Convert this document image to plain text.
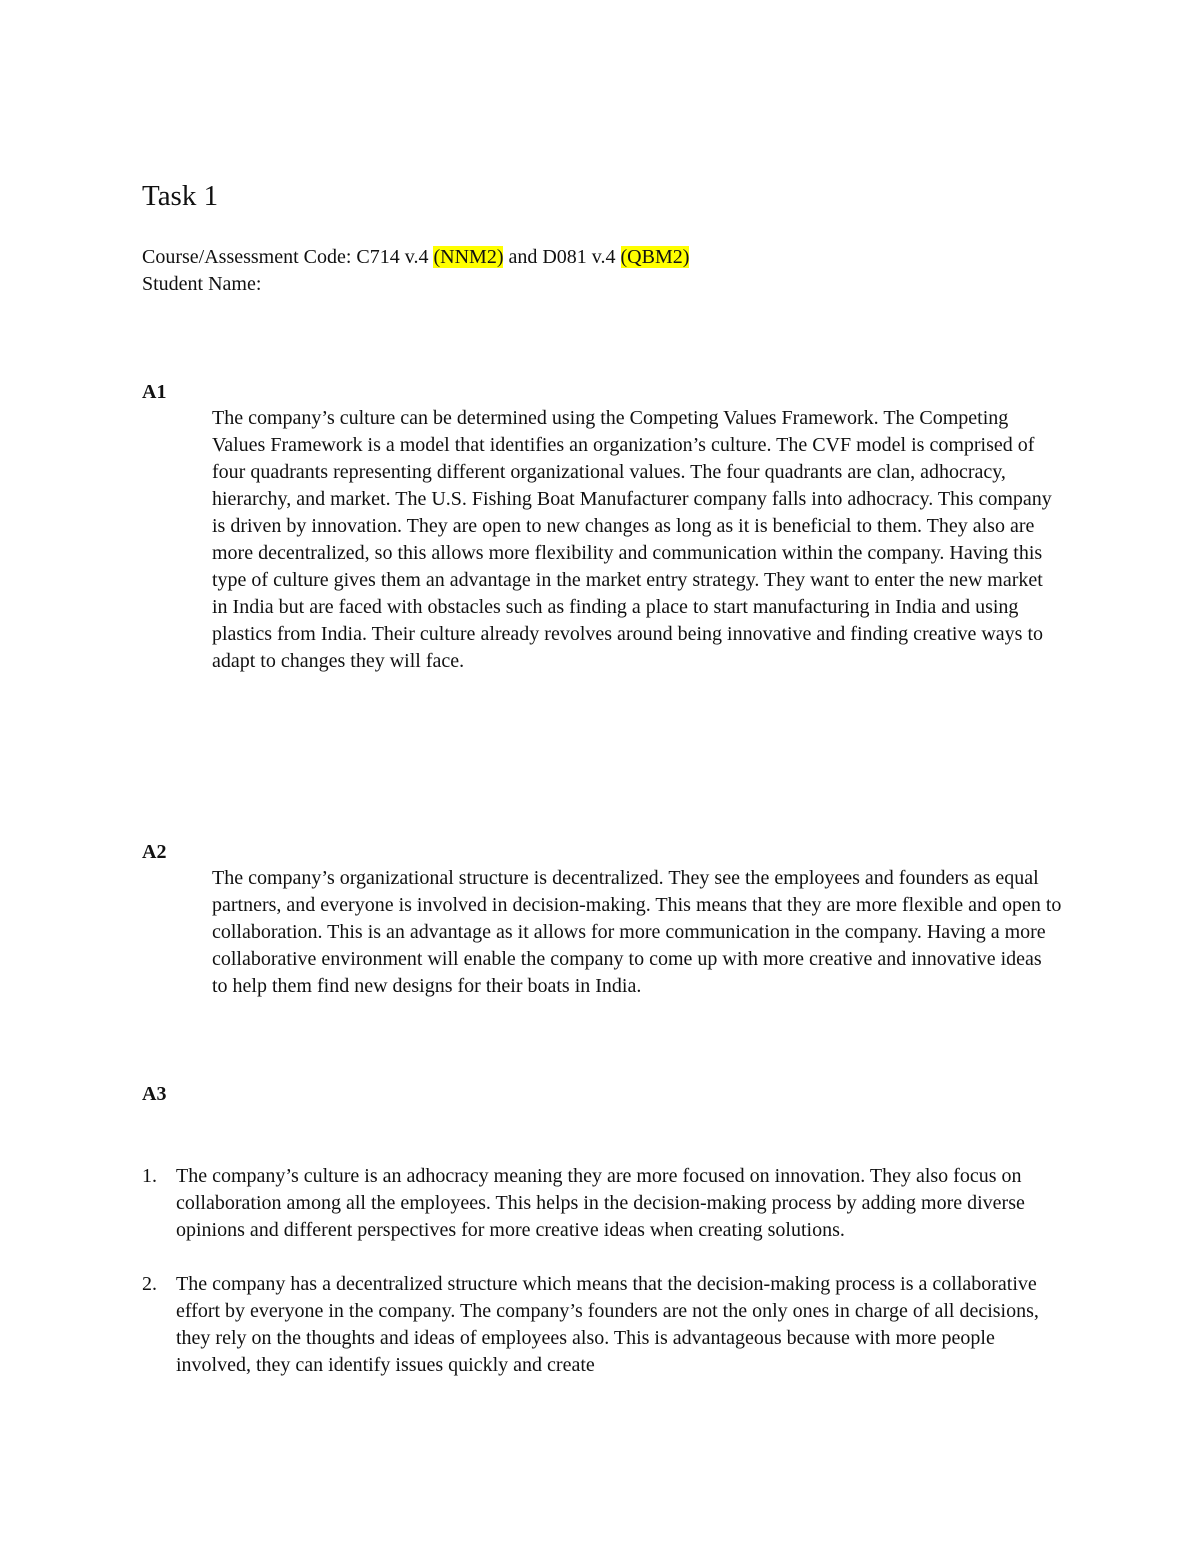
Task 1
Course/Assessment Code: C714 v.4 (NNM2) and D081 v.4 (QBM2)
Student Name:
A1

The company’s culture can be determined using the Competing Values Framework. The Competing Values Framework is a model that identifies an organization’s culture. The CVF model is comprised of four quadrants representing different organizational values. The four quadrants are clan, adhocracy, hierarchy, and market. The U.S. Fishing Boat Manufacturer company falls into adhocracy. This company is driven by innovation. They are open to new changes as long as it is beneficial to them. They also are more decentralized, so this allows more flexibility and communication within the company. Having this type of culture gives them an advantage in the market entry strategy. They want to enter the new market in India but are faced with obstacles such as finding a place to start manufacturing in India and using plastics from India. Their culture already revolves around being innovative and finding creative ways to adapt to changes they will face.

A2

The company’s organizational structure is decentralized. They see the employees and founders as equal partners, and everyone is involved in decision-making. This means that they are more flexible and open to collaboration. This is an advantage as it allows for more communication in the company. Having a more collaborative environment will enable the company to come up with more creative and innovative ideas to help them find new designs for their boats in India.

A3
1. The company’s culture is an adhocracy meaning they are more focused on innovation. They also focus on collaboration among all the employees. This helps in the decision-making process by adding more diverse opinions and different perspectives for more creative ideas when creating solutions.
2. The company has a decentralized structure which means that the decision-making process is a collaborative effort by everyone in the company. The company’s founders are not the only ones in charge of all decisions, they rely on the thoughts and ideas of employees also. This is advantageous because with more people involved, they can identify issues quickly and create
